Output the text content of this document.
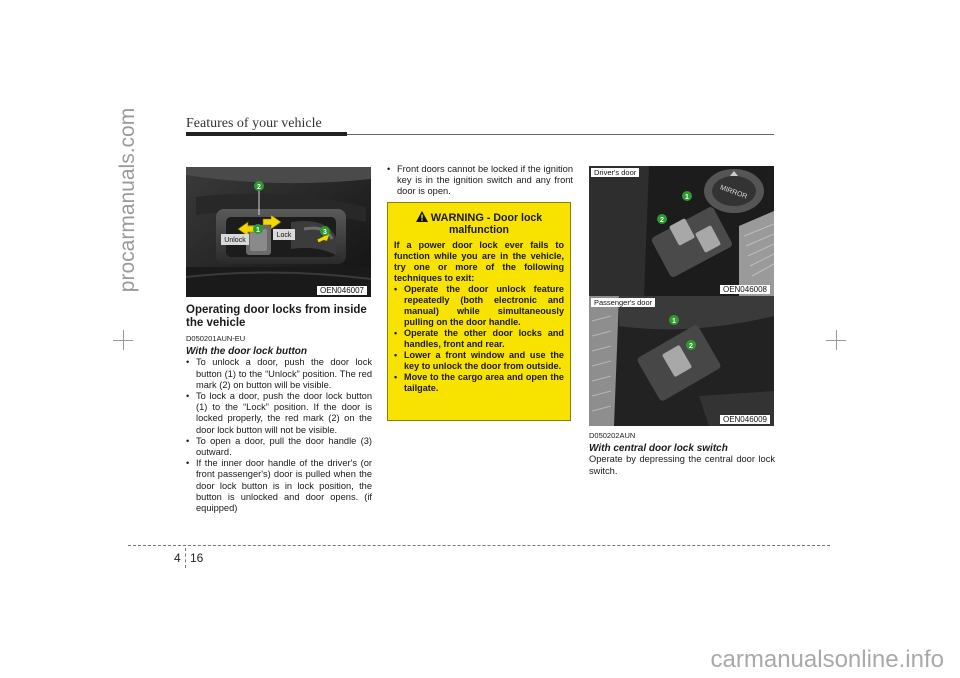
procarmanuals.com
carmanualsonline.info
Features of your vehicle
1
2
3
Unlock
Lock
OEN046007
MIRROR
1
2
Driver's door
OEN046008
1
2
Passenger's door
OEN046009

Operating door locks from inside the vehicle

D050201AUN-EU
With the door lock button
• To unlock a door, push the door lock button (1) to the “Unlock” position. The red mark (2) on button will be visible.
• To lock a door, push the door lock button (1) to the “Lock” position. If the door is locked properly, the red mark (2) on the door lock button will not be visible.
• To open a door, pull the door handle (3) outward.
• If the inner door handle of the driver's (or front passenger's) door is pulled when the door lock button is in lock position, the button is unlocked and door opens. (if equipped)
• Front doors cannot be locked if the ignition key is in the ignition switch and any front door is open.
WARNING - Door lock malfunction

If a power door lock ever fails to function while you are in the vehicle, try one or more of the following techniques to exit:

• Operate the door unlock feature repeatedly (both electronic and manual) while simultaneously pulling on the door handle.
• Operate the other door locks and handles, front and rear.
• Lower a front window and use the key to unlock the door from outside.
• Move to the cargo area and open the tailgate.
D050202AUN
With central door lock switch
Operate by depressing the central door lock switch.
4 16
